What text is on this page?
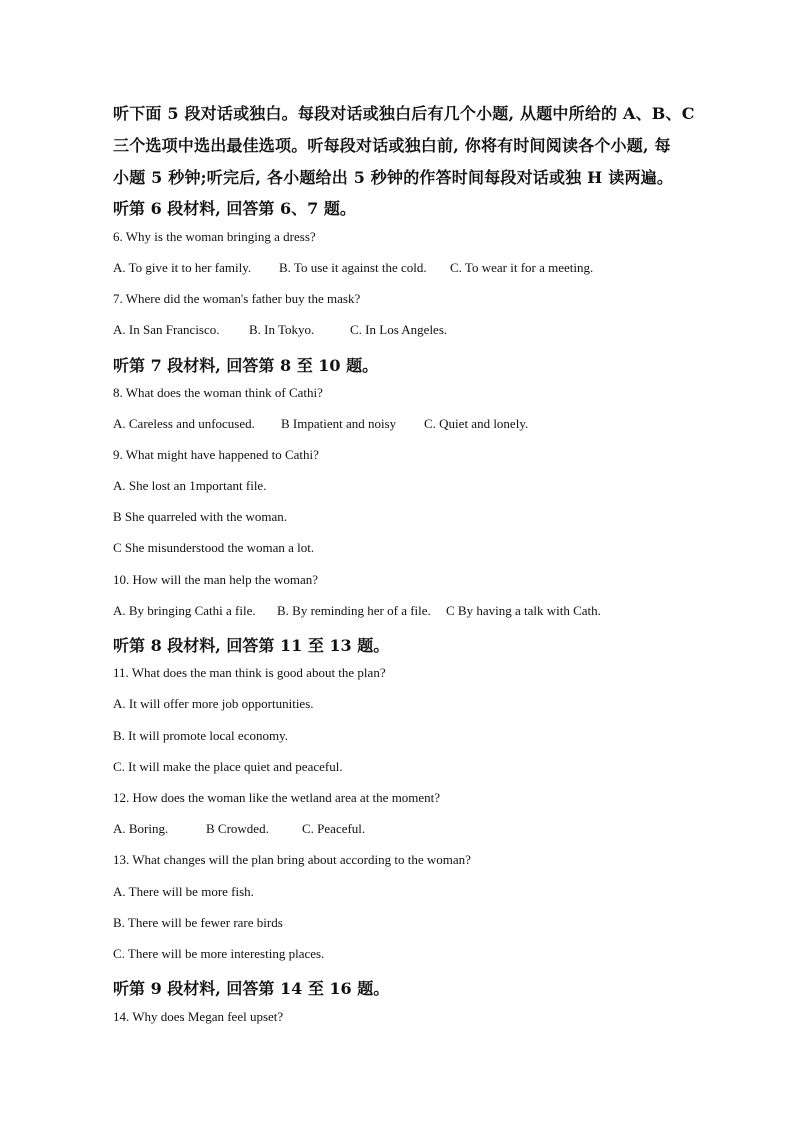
听下面 5 段对话或独白。每段对话或独白后有几个小题, 从题中所给的 A、B、C

三个选项中选出最佳选项。听每段对话或独白前, 你将有时间阅读各个小题, 每

小题 5 秒钟;听完后, 各小题给出 5 秒钟的作答时间每段对话或独 H 读两遍。

听第 6 段材料, 回答第 6、7 题。

6. Why is the woman bringing a dress?

A. To give it to her family. B. To use it against the cold. C. To wear it for a meeting.

7. Where did the woman's father buy the mask?

A. In San Francisco. B. In Tokyo.	C. In Los Angeles.

听第 7 段材料, 回答第 8 至 10 题。

8. What does the woman think of Cathi?

A. Careless and unfocused. B Impatient and noisy C. Quiet and lonely.

9. What might have happened to Cathi?

A. She lost an 1mportant file.

B She quarreled with the woman.

C She misunderstood the woman a lot.

10. How will the man help the woman?

A. By bringing Cathi a file. B. By reminding her of a file. C By having a talk with Cath.

听第 8 段材料, 回答第 11 至 13 题。

11. What does the man think is good about the plan?

A. It will offer more job opportunities.

B. It will promote local economy.

C. It will make the place quiet and peaceful.

12. How does the woman like the wetland area at the moment?

A. Boring.	B Crowded.	C. Peaceful.

13. What changes will the plan bring about according to the woman?

A. There will be more fish.

B. There will be fewer rare birds

C. There will be more interesting places.

听第 9 段材料, 回答第 14 至 16 题。

14. Why does Megan feel upset?
